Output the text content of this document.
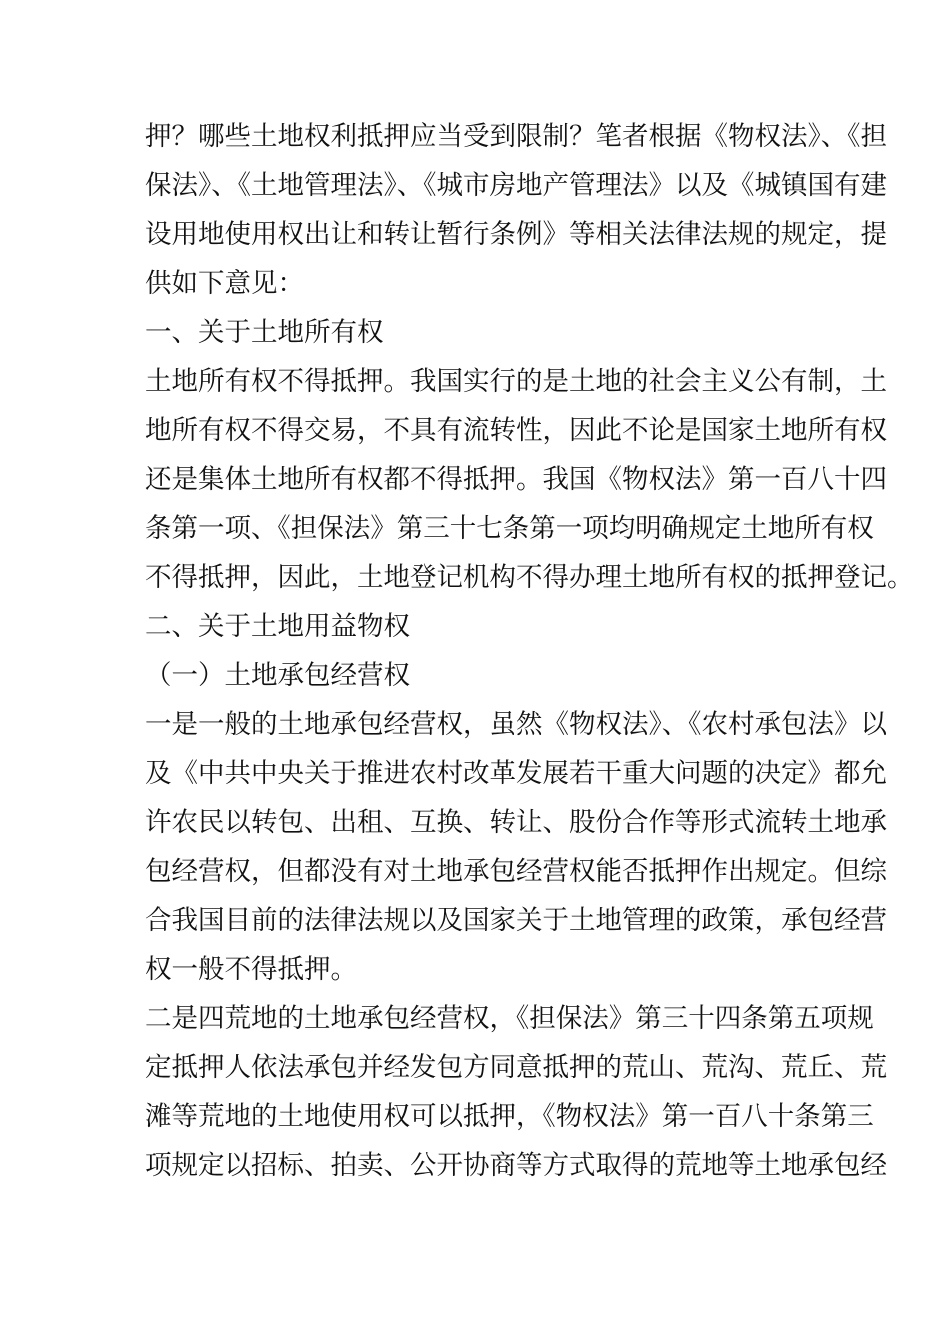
押？哪些土地权利抵押应当受到限制？笔者根据《物权法》、《担
保法》、《土地管理法》、《城市房地产管理法》以及《城镇国有建
设用地使用权出让和转让暂行条例》等相关法律法规的规定，提
供如下意见：
一、关于土地所有权
土地所有权不得抵押。我国实行的是土地的社会主义公有制，土
地所有权不得交易，不具有流转性，因此不论是国家土地所有权
还是集体土地所有权都不得抵押。我国《物权法》第一百八十四
条第一项、《担保法》第三十七条第一项均明确规定土地所有权
不得抵押，因此，土地登记机构不得办理土地所有权的抵押登记。
二、关于土地用益物权
（一）土地承包经营权
一是一般的土地承包经营权，虽然《物权法》、《农村承包法》以
及《中共中央关于推进农村改革发展若干重大问题的决定》都允
许农民以转包、出租、互换、转让、股份合作等形式流转土地承
包经营权，但都没有对土地承包经营权能否抵押作出规定。但综
合我国目前的法律法规以及国家关于土地管理的政策，承包经营
权一般不得抵押。
二是四荒地的土地承包经营权，《担保法》第三十四条第五项规
定抵押人依法承包并经发包方同意抵押的荒山、荒沟、荒丘、荒
滩等荒地的土地使用权可以抵押，《物权法》第一百八十条第三
项规定以招标、拍卖、公开协商等方式取得的荒地等土地承包经
